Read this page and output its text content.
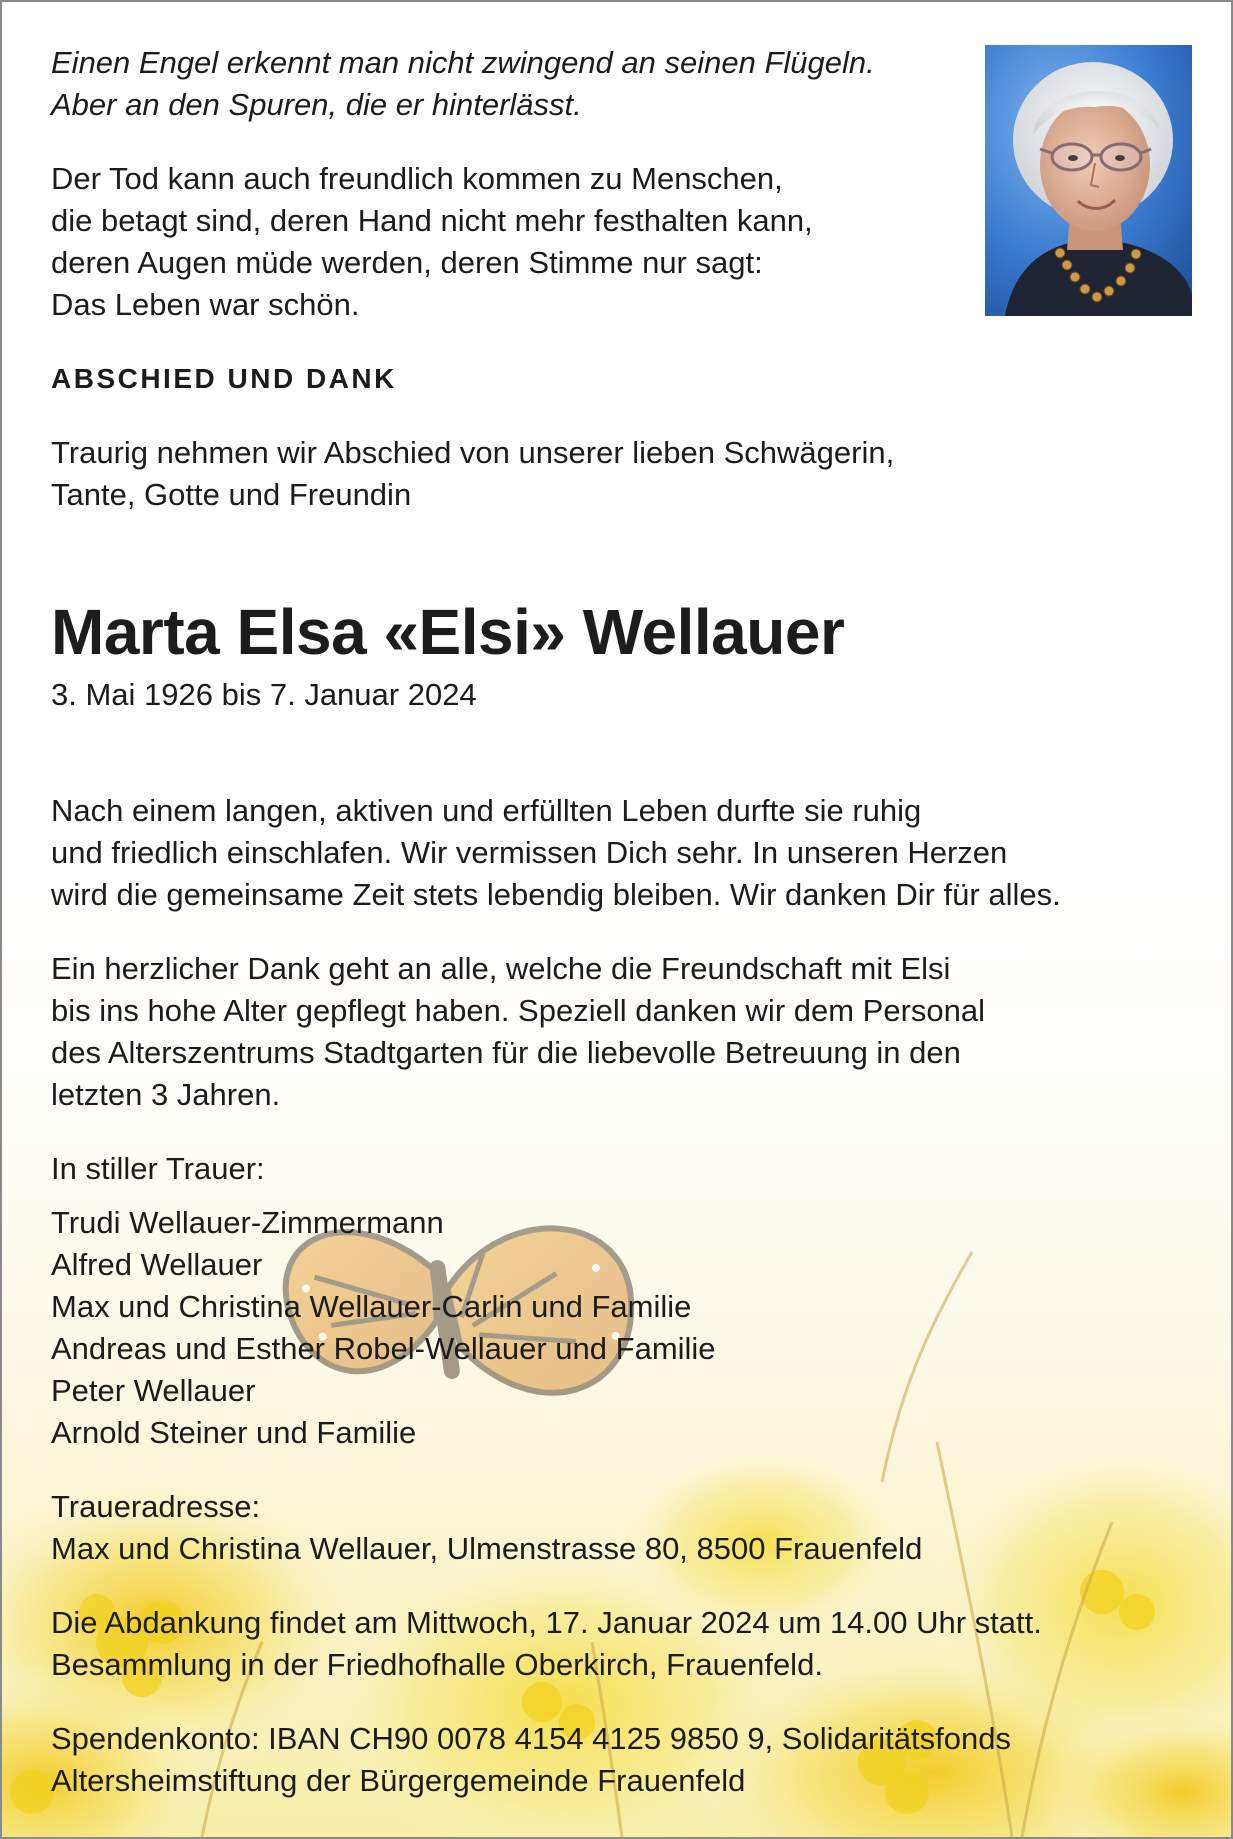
Einen Engel erkennt man nicht zwingend an seinen Flügeln.
Aber an den Spuren, die er hinterlässt.

Der Tod kann auch freundlich kommen zu Menschen,
die betagt sind, deren Hand nicht mehr festhalten kann,
deren Augen müde werden, deren Stimme nur sagt:
Das Leben war schön.

ABSCHIED UND DANK

Traurig nehmen wir Abschied von unserer lieben Schwägerin,
Tante, Gotte und Freundin

Marta Elsa «Elsi» Wellauer

3. Mai 1926 bis 7. Januar 2024

Nach einem langen, aktiven und erfüllten Leben durfte sie ruhig
und friedlich einschlafen. Wir vermissen Dich sehr. In unseren Herzen
wird die gemeinsame Zeit stets lebendig bleiben. Wir danken Dir für alles.

Ein herzlicher Dank geht an alle, welche die Freundschaft mit Elsi
bis ins hohe Alter gepflegt haben. Speziell danken wir dem Personal
des Alterszentrums Stadtgarten für die liebevolle Betreuung in den
letzten 3 Jahren.

In stiller Trauer:

Trudi Wellauer-Zimmermann
Alfred Wellauer
Max und Christina Wellauer-Carlin und Familie
Andreas und Esther Robel-Wellauer und Familie
Peter Wellauer
Arnold Steiner und Familie

Traueradresse:

Max und Christina Wellauer, Ulmenstrasse 80, 8500 Frauenfeld

Die Abdankung findet am Mittwoch, 17. Januar 2024 um 14.00 Uhr statt.
Besammlung in der Friedhofhalle Oberkirch, Frauenfeld.

Spendenkonto: IBAN CH90 0078 4154 4125 9850 9, Solidaritätsfonds
Altersheimstiftung der Bürgergemeinde Frauenfeld
